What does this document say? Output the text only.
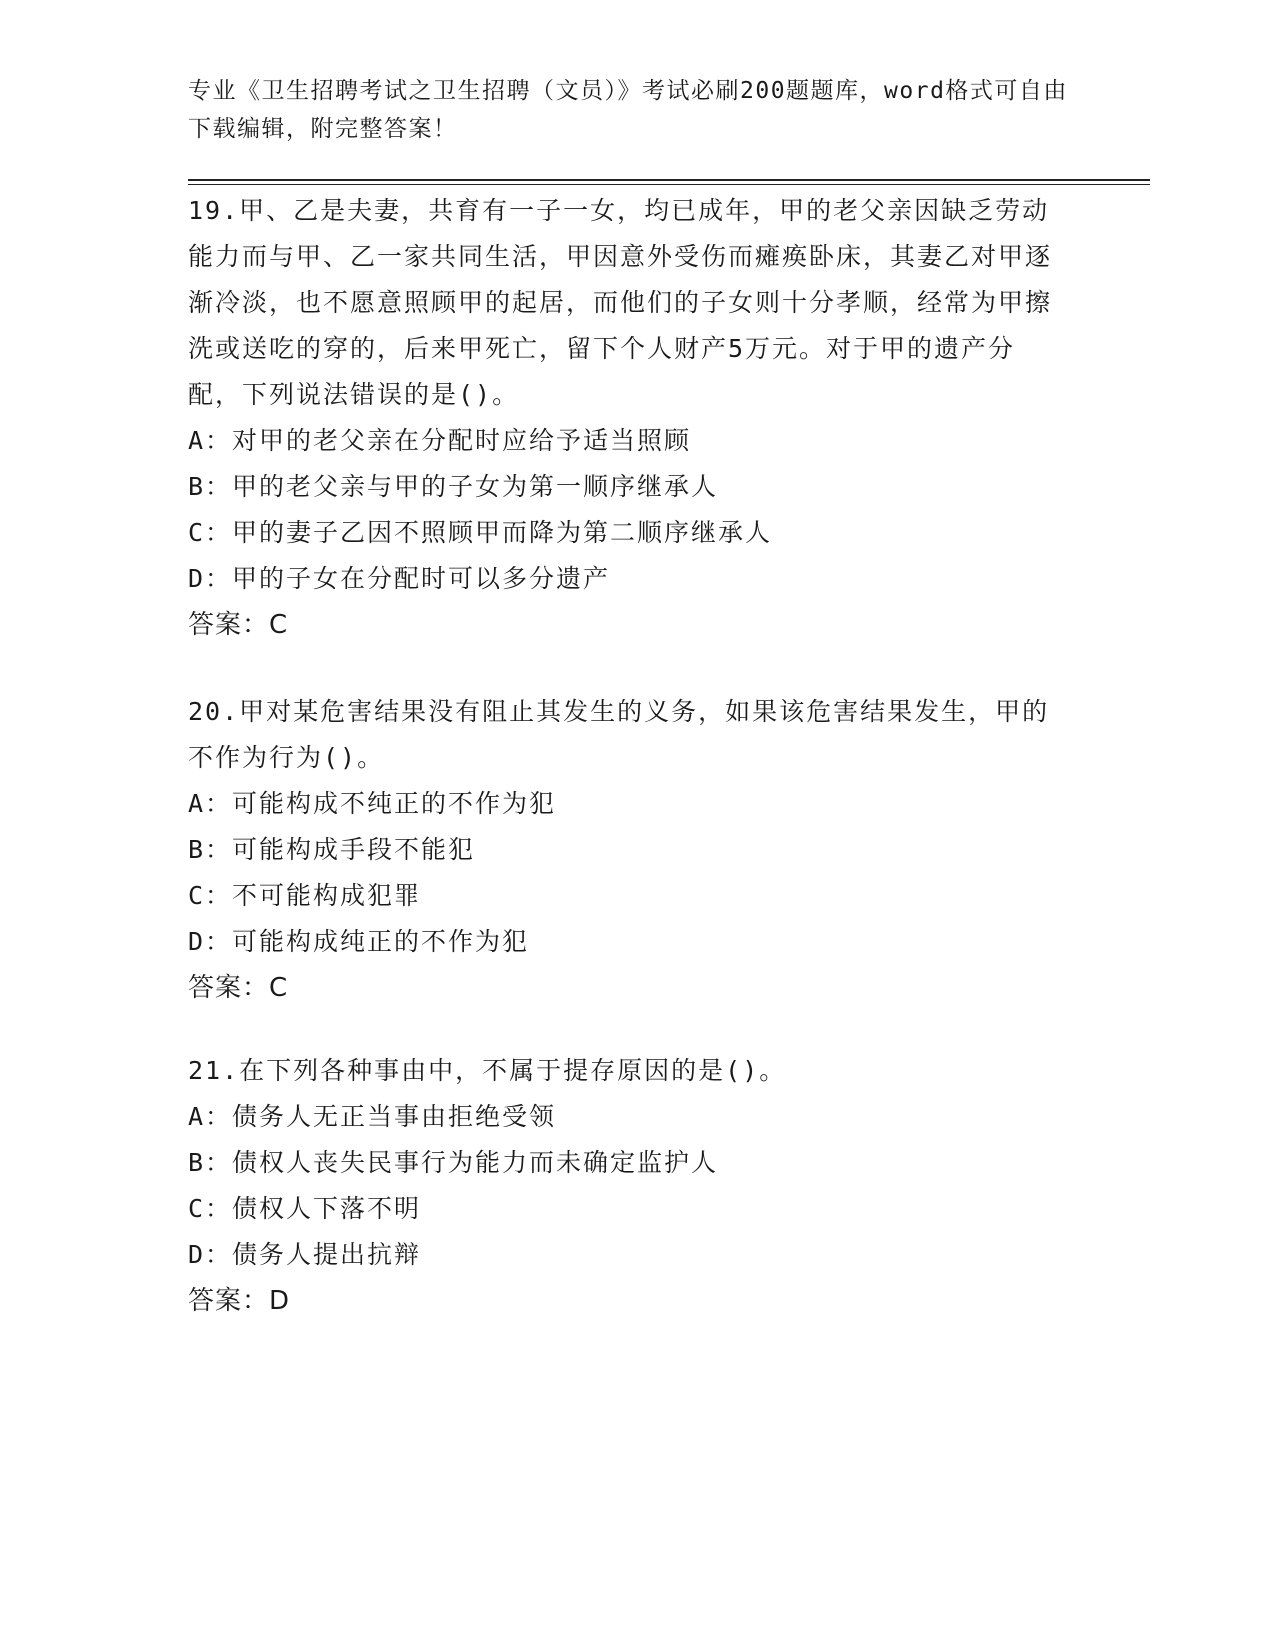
专业《卫生招聘考试之卫生招聘（文员）》考试必刷200题题库，word格式可自由下载编辑，附完整答案！
19.甲、乙是夫妻，共育有一子一女，均已成年，甲的老父亲因缺乏劳动能力而与甲、乙一家共同生活，甲因意外受伤而瘫痪卧床，其妻乙对甲逐渐冷淡，也不愿意照顾甲的起居，而他们的子女则十分孝顺，经常为甲擦洗或送吃的穿的，后来甲死亡，留下个人财产5万元。对于甲的遗产分配，下列说法错误的是()。
A：对甲的老父亲在分配时应给予适当照顾
B：甲的老父亲与甲的子女为第一顺序继承人
C：甲的妻子乙因不照顾甲而降为第二顺序继承人
D：甲的子女在分配时可以多分遗产
答案：C
20.甲对某危害结果没有阻止其发生的义务，如果该危害结果发生，甲的不作为行为()。
A：可能构成不纯正的不作为犯
B：可能构成手段不能犯
C：不可能构成犯罪
D：可能构成纯正的不作为犯
答案：C
21.在下列各种事由中，不属于提存原因的是()。
A：债务人无正当事由拒绝受领
B：债权人丧失民事行为能力而未确定监护人
C：债权人下落不明
D：债务人提出抗辩
答案：D
